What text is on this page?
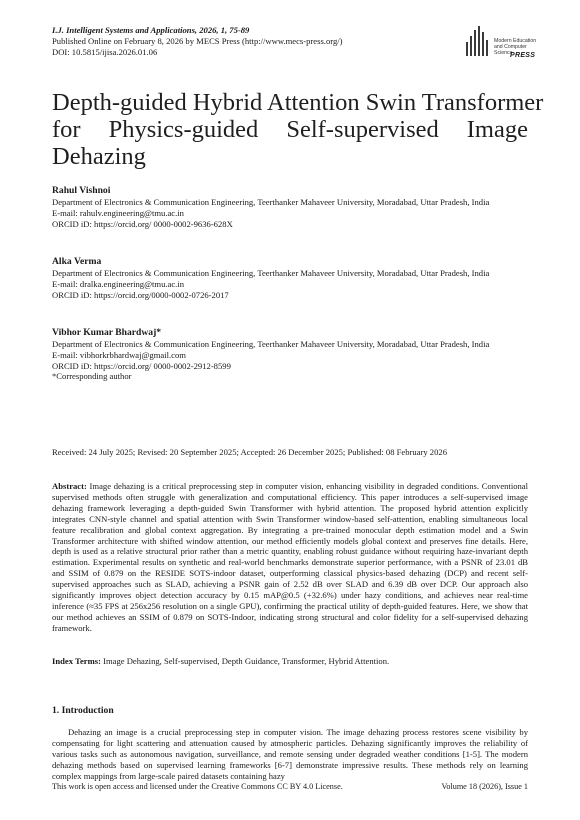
I.J. Intelligent Systems and Applications, 2026, 1, 75-89
Published Online on February 8, 2026 by MECS Press (http://www.mecs-press.org/)
DOI: 10.5815/ijisa.2026.01.06
Modern Education and Computer Science
PRESS
Depth-guided Hybrid Attention Swin Transformer
for Physics-guided Self-supervised Image
Dehazing
Rahul Vishnoi
Department of Electronics & Communication Engineering, Teerthanker Mahaveer University, Moradabad, Uttar Pradesh, India
E-mail: rahulv.engineering@tmu.ac.in
ORCID iD: https://orcid.org/ 0000-0002-9636-628X
Alka Verma
Department of Electronics & Communication Engineering, Teerthanker Mahaveer University, Moradabad, Uttar Pradesh, India
E-mail: dralka.engineering@tmu.ac.in
ORCID iD: https://orcid.org/0000-0002-0726-2017
Vibhor Kumar Bhardwaj*
Department of Electronics & Communication Engineering, Teerthanker Mahaveer University, Moradabad, Uttar Pradesh, India
E-mail: vibhorkrbhardwaj@gmail.com
ORCID iD: https://orcid.org/ 0000-0002-2912-8599
*Corresponding author
Received: 24 July 2025; Revised: 20 September 2025; Accepted: 26 December 2025; Published: 08 February 2026
Abstract: Image dehazing is a critical preprocessing step in computer vision, enhancing visibility in degraded conditions. Conventional supervised methods often struggle with generalization and computational efficiency. This paper introduces a self-supervised image dehazing framework leveraging a depth-guided Swin Transformer with hybrid attention. The proposed hybrid attention explicitly integrates CNN-style channel and spatial attention with Swin Transformer window-based self-attention, enabling simultaneous local feature recalibration and global context aggregation. By integrating a pre-trained monocular depth estimation model and a Swin Transformer architecture with shifted window attention, our method efficiently models global context and preserves fine details. Here, depth is used as a relative structural prior rather than a metric quantity, enabling robust guidance without requiring haze-invariant depth estimation. Experimental results on synthetic and real-world benchmarks demonstrate superior performance, with a PSNR of 23.01 dB and SSIM of 0.879 on the RESIDE SOTS-indoor dataset, outperforming classical physics-based dehazing (DCP) and recent self-supervised approaches such as SLAD, achieving a PSNR gain of 2.52 dB over SLAD and 6.39 dB over DCP. Our approach also significantly improves object detection accuracy by 0.15 mAP@0.5 (+32.6%) under hazy conditions, and achieves near real-time inference (≈35 FPS at 256x256 resolution on a single GPU), confirming the practical utility of depth-guided features. Here, we show that our method achieves an SSIM of 0.879 on SOTS-Indoor, indicating strong structural and color fidelity for a self-supervised dehazing framework.
Index Terms: Image Dehazing, Self-supervised, Depth Guidance, Transformer, Hybrid Attention.
1. Introduction
Dehazing an image is a crucial preprocessing step in computer vision. The image dehazing process restores scene visibility by compensating for light scattering and attenuation caused by atmospheric particles. Dehazing significantly improves the reliability of various tasks such as autonomous navigation, surveillance, and remote sensing under degraded weather conditions [1-5]. The modern dehazing methods based on supervised learning frameworks [6-7] demonstrate impressive results. These methods rely on learning complex mappings from large-scale paired datasets containing hazy
This work is open access and licensed under the Creative Commons CC BY 4.0 License.	Volume 18 (2026), Issue 1
